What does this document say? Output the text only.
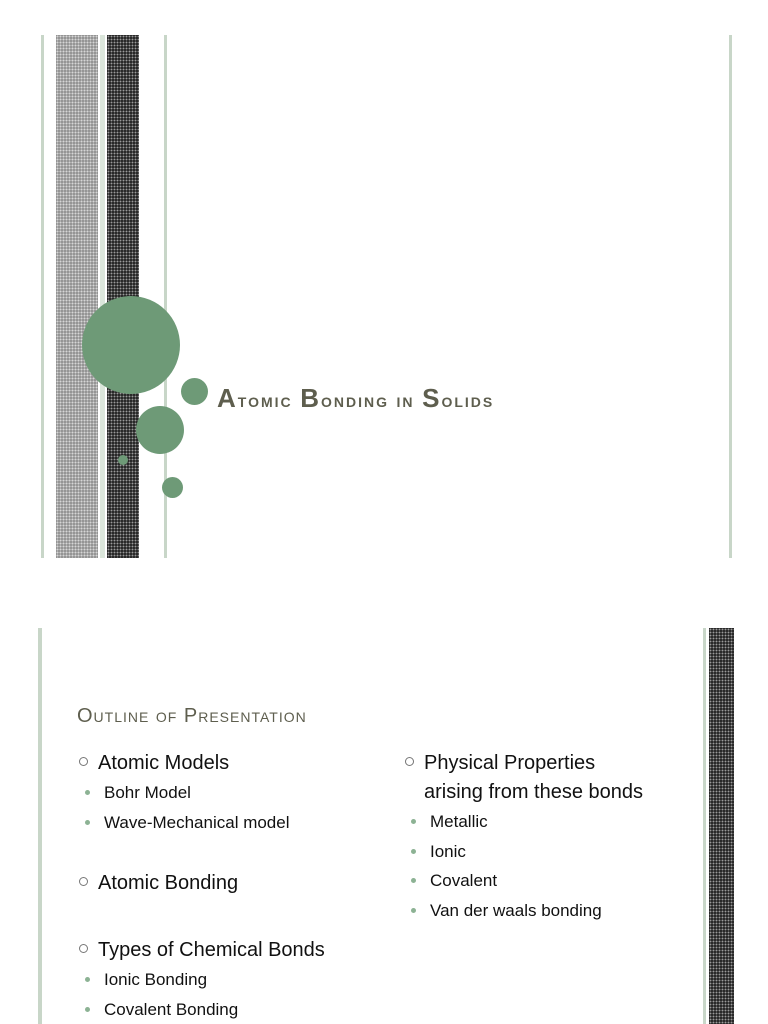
Atomic Bonding in Solids
Outline of Presentation
Atomic Models
Bohr Model
Wave-Mechanical model
Atomic Bonding
Types of Chemical Bonds
Ionic Bonding
Covalent Bonding
Physical Properties
arising from these bonds
Metallic
Ionic
Covalent
Van der waals bonding
